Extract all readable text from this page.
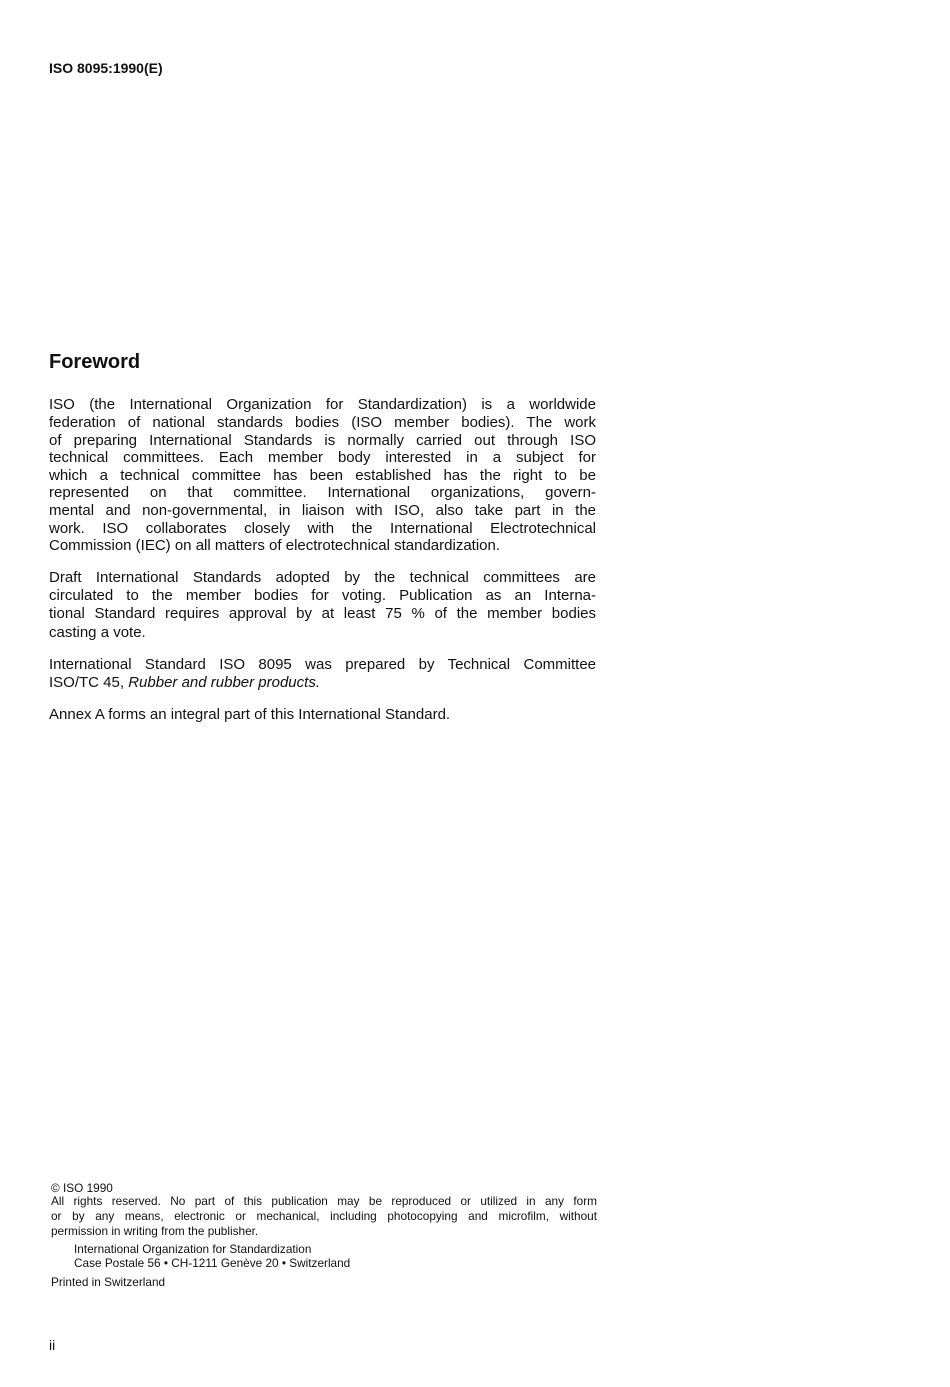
ISO 8095:1990(E)
Foreword
ISO (the International Organization for Standardization) is a worldwide
federation of national standards bodies (ISO member bodies). The work
of preparing International Standards is normally carried out through ISO
technical committees. Each member body interested in a subject for
which a technical committee has been established has the right to be
represented on that committee. International organizations, govern-
mental and non-governmental, in liaison with ISO, also take part in the
work. ISO collaborates closely with the International Electrotechnical
Commission (IEC) on all matters of electrotechnical standardization.
Draft International Standards adopted by the technical committees are
circulated to the member bodies for voting. Publication as an Interna-
tional Standard requires approval by at least 75 % of the member bodies
casting a vote.
International Standard ISO 8095 was prepared by Technical Committee
ISO/TC 45, Rubber and rubber products.
Annex A forms an integral part of this International Standard.
© ISO 1990
All rights reserved. No part of this publication may be reproduced or utilized in any form
or by any means, electronic or mechanical, including photocopying and microfilm, without
permission in writing from the publisher.
International Organization for Standardization
Case Postale 56 • CH-1211 Genève 20 • Switzerland
Printed in Switzerland
ii
